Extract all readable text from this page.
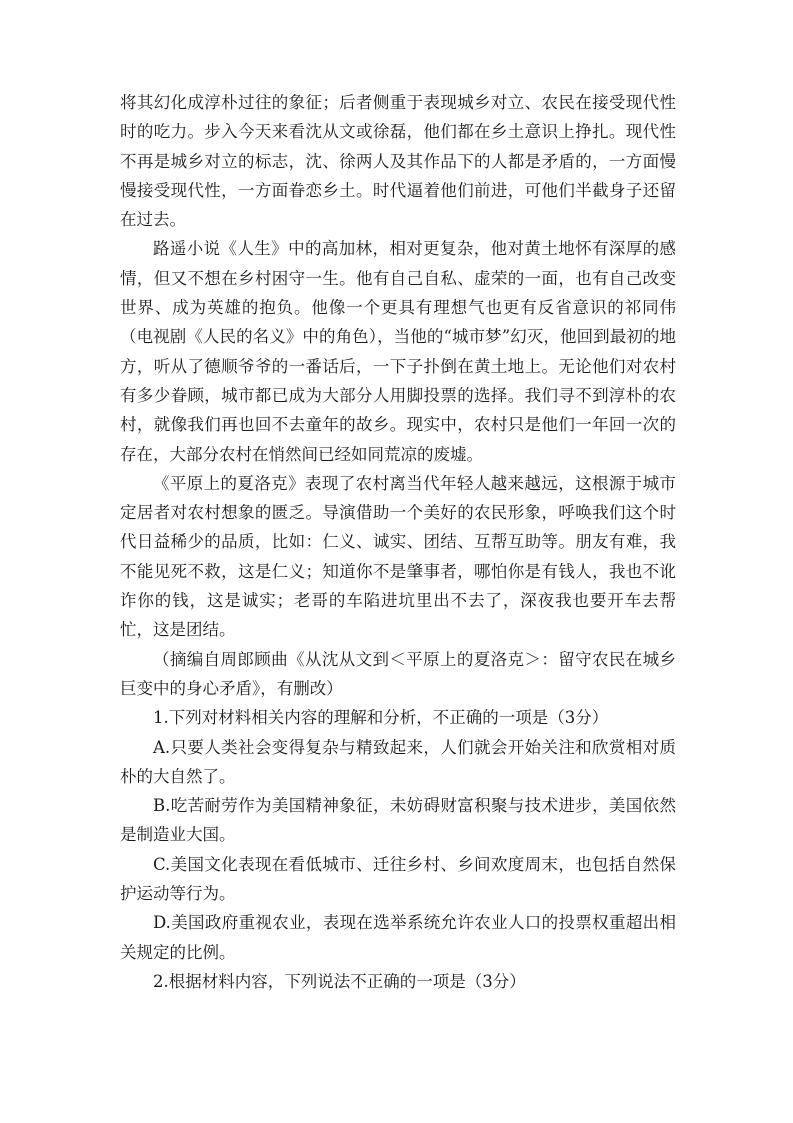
将其幻化成淳朴过往的象征；后者侧重于表现城乡对立、农民在接受现代性时的吃力。步入今天来看沈从文或徐磊，他们都在乡土意识上挣扎。现代性不再是城乡对立的标志，沈、徐两人及其作品下的人都是矛盾的，一方面慢慢接受现代性，一方面眷恋乡土。时代逼着他们前进，可他们半截身子还留在过去。

路遥小说《人生》中的高加林，相对更复杂，他对黄土地怀有深厚的感情，但又不想在乡村困守一生。他有自己自私、虚荣的一面，也有自己改变世界、成为英雄的抱负。他像一个更具有理想气也更有反省意识的祁同伟（电视剧《人民的名义》中的角色），当他的“城市梦”幻灭，他回到最初的地方，听从了德顺爷爷的一番话后，一下子扑倒在黄土地上。无论他们对农村有多少眷顾，城市都已成为大部分人用脚投票的选择。我们寻不到淳朴的农村，就像我们再也回不去童年的故乡。现实中，农村只是他们一年回一次的存在，大部分农村在悄然间已经如同荒凉的废墟。

《平原上的夏洛克》表现了农村离当代年轻人越来越远，这根源于城市定居者对农村想象的匮乏。导演借助一个美好的农民形象，呼唤我们这个时代日益稀少的品质，比如：仁义、诚实、团结、互帮互助等。朋友有难，我不能见死不救，这是仁义；知道你不是肇事者，哪怕你是有钱人，我也不讹诈你的钱，这是诚实；老哥的车陷进坑里出不去了，深夜我也要开车去帮忙，这是团结。

（摘编自周郎顾曲《从沈从文到＜平原上的夏洛克＞：留守农民在城乡巨变中的身心矛盾》，有删改）

1.下列对材料相关内容的理解和分析，不正确的一项是（3分）

A.只要人类社会变得复杂与精致起来，人们就会开始关注和欣赏相对质朴的大自然了。

B.吃苦耐劳作为美国精神象征，未妨碍财富积聚与技术进步，美国依然是制造业大国。

C.美国文化表现在看低城市、迁往乡村、乡间欢度周末，也包括自然保护运动等行为。

D.美国政府重视农业，表现在选举系统允许农业人口的投票权重超出相关规定的比例。

2.根据材料内容，下列说法不正确的一项是（3分）
